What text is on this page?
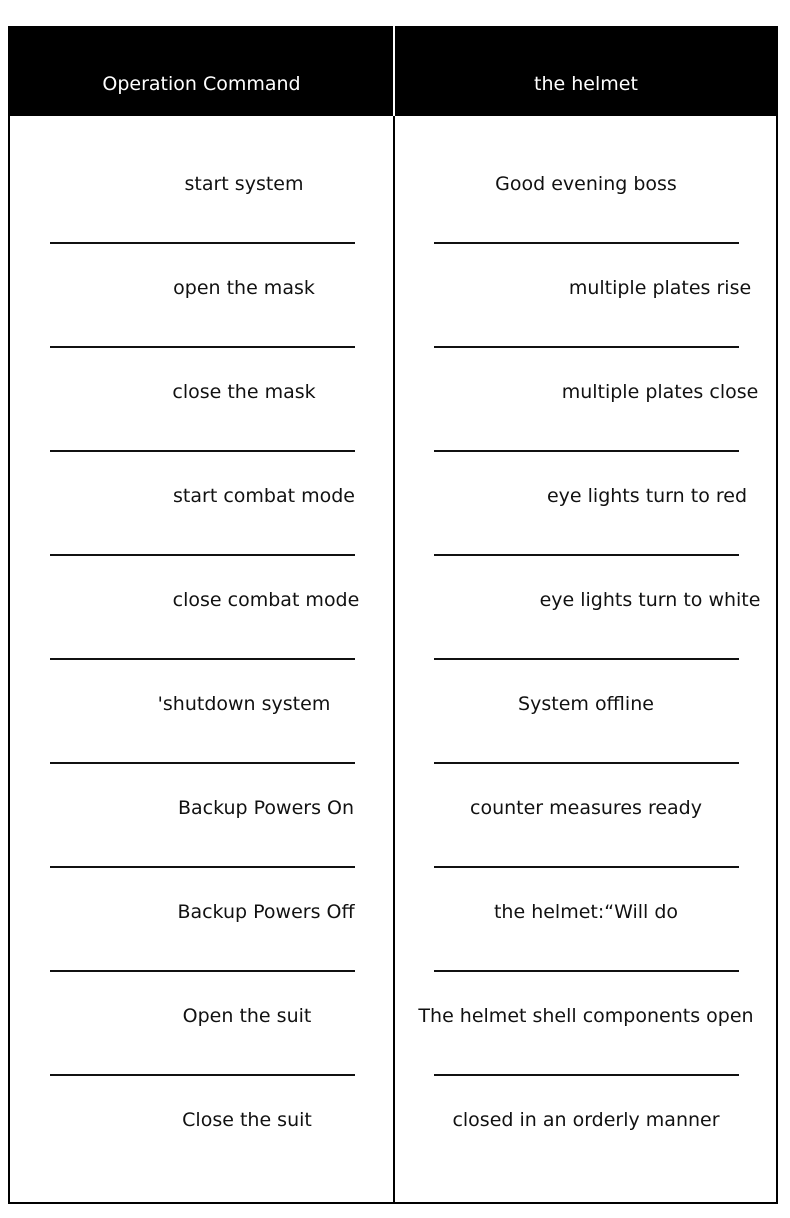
Operation Command	the helmet
start system	Good evening boss
open the mask	multiple plates rise
close the mask	multiple plates close
start combat mode	eye lights turn to red
close combat mode	eye lights turn to white
'shutdown system	System offline
Backup Powers On	counter measures ready
Backup Powers Off	the helmet:“Will do
Open the suit	The helmet shell components open
Close the suit	closed in an orderly manner
